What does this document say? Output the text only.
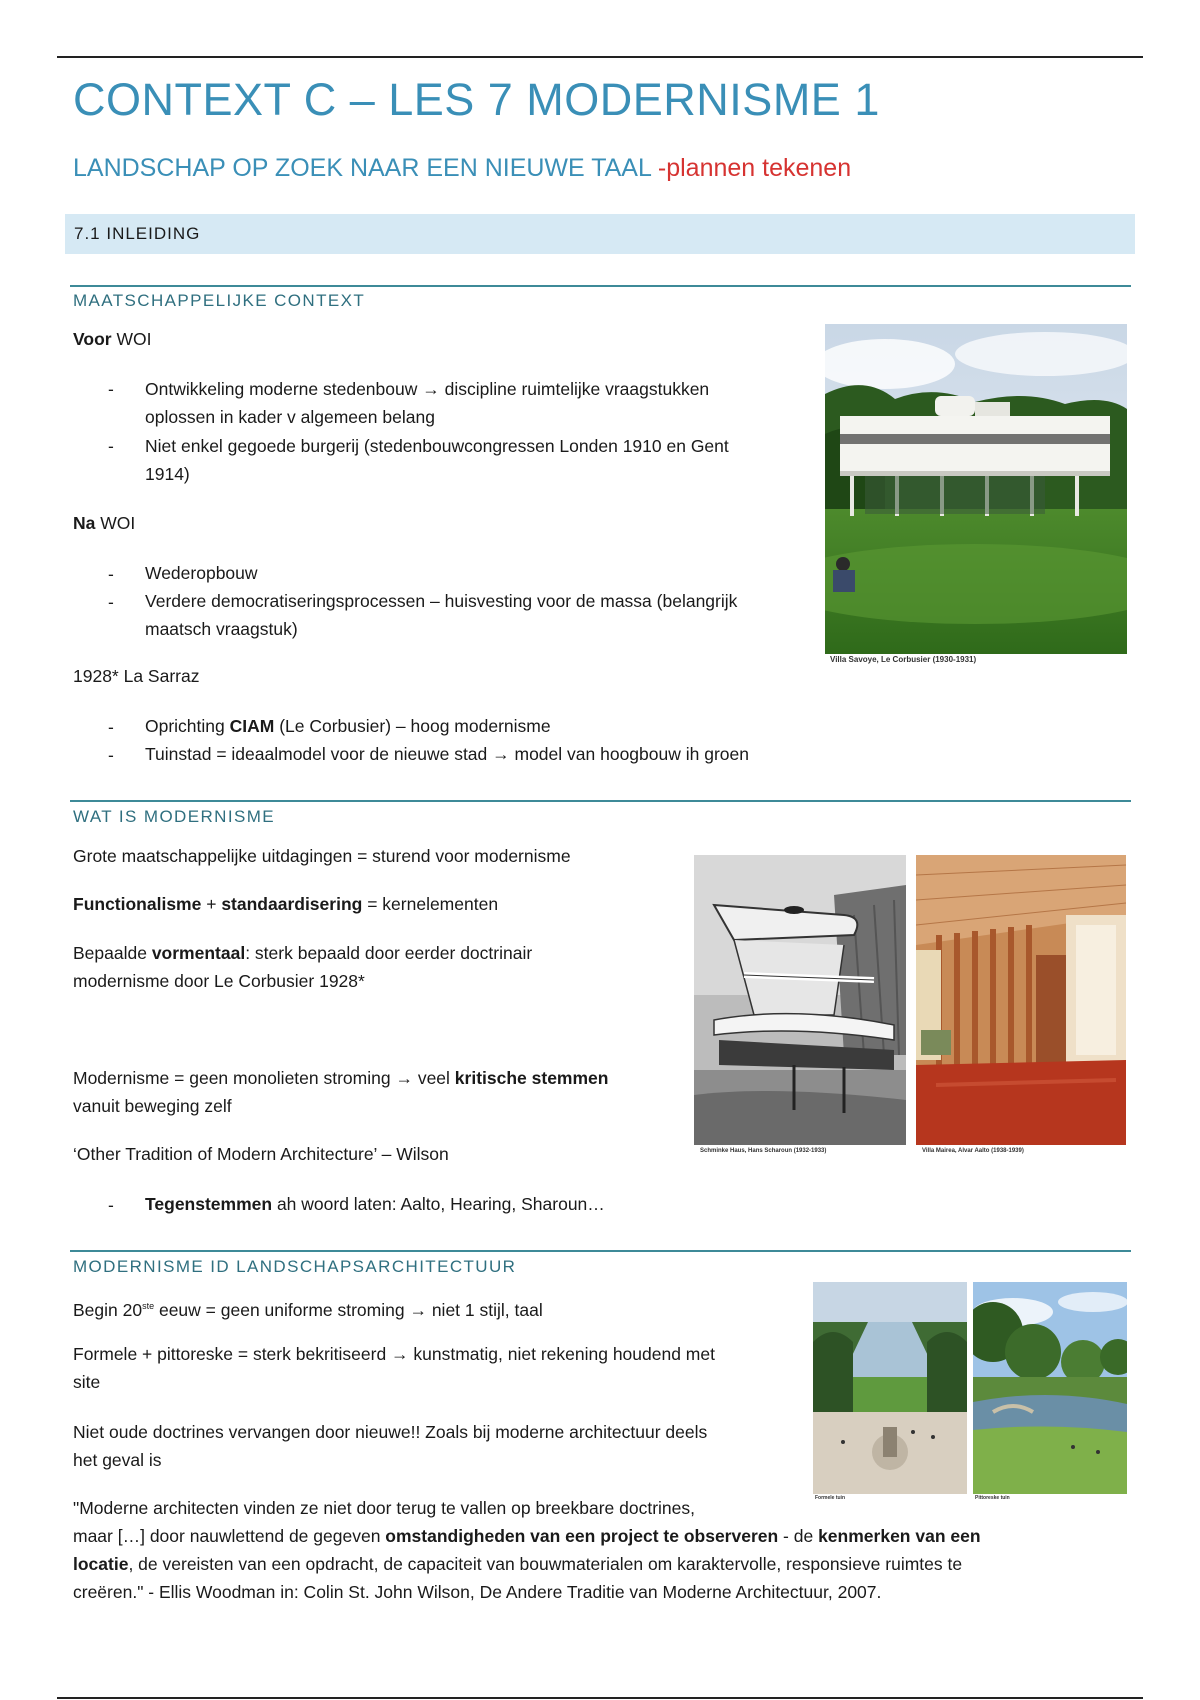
CONTEXT C – LES 7 MODERNISME 1
LANDSCHAP OP ZOEK NAAR EEN NIEUWE TAAL -plannen tekenen
7.1 INLEIDING
MAATSCHAPPELIJKE CONTEXT
Voor WOI
- Ontwikkeling moderne stedenbouw → discipline ruimtelijke vraagstukken
oplossen in kader v algemeen belang
- Niet enkel gegoede burgerij (stedenbouwcongressen Londen 1910 en Gent
1914)
Na WOI
- Wederopbouw
- Verdere democratiseringsprocessen – huisvesting voor de massa (belangrijk
maatsch vraagstuk)
1928* La Sarraz
- Oprichting CIAM (Le Corbusier) – hoog modernisme
- Tuinstad = ideaalmodel voor de nieuwe stad → model van hoogbouw ih groen
Villa Savoye, Le Corbusier (1930-1931)
WAT IS MODERNISME
Grote maatschappelijke uitdagingen = sturend voor modernisme
Functionalisme + standaardisering = kernelementen
Bepaalde vormentaal: sterk bepaald door eerder doctrinair
modernisme door Le Corbusier 1928*
Modernisme = geen monolieten stroming → veel kritische stemmen
vanuit beweging zelf
‘Other Tradition of Modern Architecture’ – Wilson
- Tegenstemmen ah woord laten: Aalto, Hearing, Sharoun…
Schminke Haus, Hans Scharoun (1932-1933)	Villa Mairea, Alvar Aalto (1938-1939)
MODERNISME ID LANDSCHAPSARCHITECTUUR
Begin 20ste eeuw = geen uniforme stroming → niet 1 stijl, taal
Formele + pittoreske = sterk bekritiseerd → kunstmatig, niet rekening houdend met
site
Niet oude doctrines vervangen door nieuwe!! Zoals bij moderne architectuur deels
het geval is
"Moderne architecten vinden ze niet door terug te vallen op breekbare doctrines,
maar […] door nauwlettend de gegeven omstandigheden van een project te observeren - de kenmerken van een
locatie, de vereisten van een opdracht, de capaciteit van bouwmaterialen om karaktervolle, responsieve ruimtes te
creëren." - Ellis Woodman in: Colin St. John Wilson, De Andere Traditie van Moderne Architectuur, 2007.
Formele tuin	Pittoreske tuin
